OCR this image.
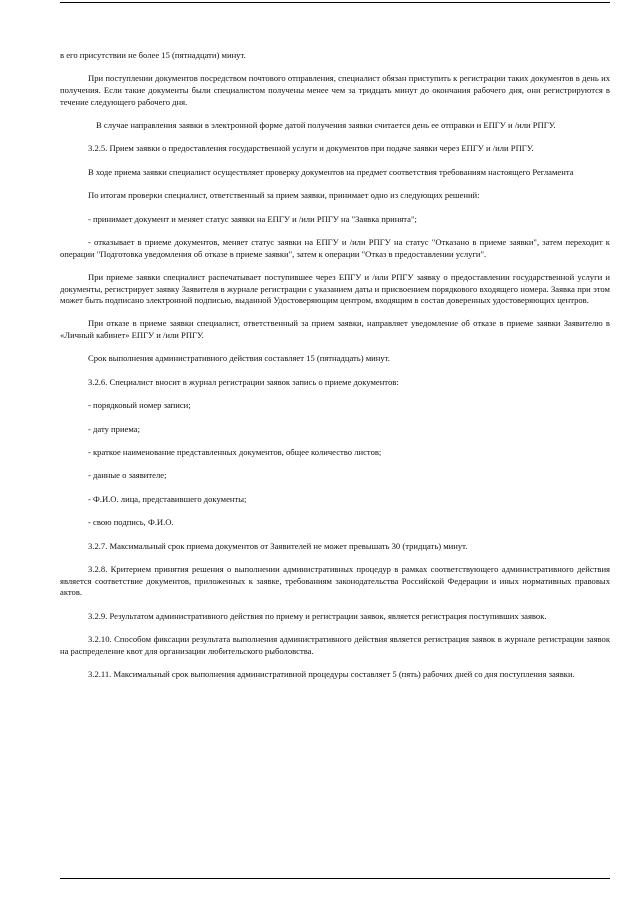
в его присутствии не более 15 (пятнадцати) минут.

При поступлении документов посредством почтового отправления, специалист обязан приступить к регистрации таких документов в день их получения. Если такие документы были специалистом получены менее чем за тридцать минут до окончания рабочего дня, они регистрируются в течение следующего рабочего дня.

В случае направления заявки в электронной форме датой получения заявки считается день ее отправки и ЕПГУ и /или РПГУ.

3.2.5. Прием заявки о предоставления государственной услуги и документов при подаче заявки через ЕПГУ и /или РПГУ.

В ходе приема заявки специалист осуществляет проверку документов на предмет соответствия требованиям настоящего Регламента

По итогам проверки специалист, ответственный за прием заявки, принимает одно из следующих решений:

- принимает документ и меняет статус заявки на ЕПГУ и /или РПГУ на "Заявка принята";

- отказывает в приеме документов, меняет статус заявки на ЕПГУ и /или РПГУ на статус "Отказано в приеме заявки", затем переходит к операции "Подготовка уведомления об отказе в приеме заявки", затем к операции "Отказ в предоставлении услуги".

При приеме заявки специалист распечатывает поступившее через ЕПГУ и /или РПГУ заявку о предоставлении государственной услуги и документы, регистрирует заявку Заявителя в журнале регистрации с указанием даты и присвоением порядкового входящего номера. Заявка при этом может быть подписано электронной подписью, выданной Удостоверяющим центром, входящим в состав доверенных удостоверяющих центров.

При отказе в приеме заявки специалист, ответственный за прием заявки, направляет уведомление об отказе в приеме заявки Заявителю в «Личный кабинет» ЕПГУ и /или РПГУ.

Срок выполнения административного действия составляет 15 (пятнадцать) минут.

3.2.6. Специалист вносит в журнал регистрации заявок запись о приеме документов:

- порядковый номер записи;

- дату приема;

- краткое наименование представленных документов, общее количество листов;

- данные о заявителе;

- Ф.И.О. лица, представившего документы;

- свою подпись, Ф.И.О.

3.2.7. Максимальный срок приема документов от Заявителей не может превышать 30 (тридцать) минут.

3.2.8. Критерием принятия решения о выполнении административных процедур в рамках соответствующего административного действия является соответствие документов, приложенных к заявке, требованиям законодательства Российской Федерации и иных нормативных правовых актов.

3.2.9. Результатом административного действия по приему и регистрации заявок, является регистрация поступивших заявок.

3.2.10. Способом фиксации результата выполнения административного действия является регистрация заявок в журнале регистрации заявок на распределение квот для организации любительского рыболовства.

3.2.11. Максимальный срок выполнения административной процедуры составляет 5 (пять) рабочих дней со дня поступления заявки.
